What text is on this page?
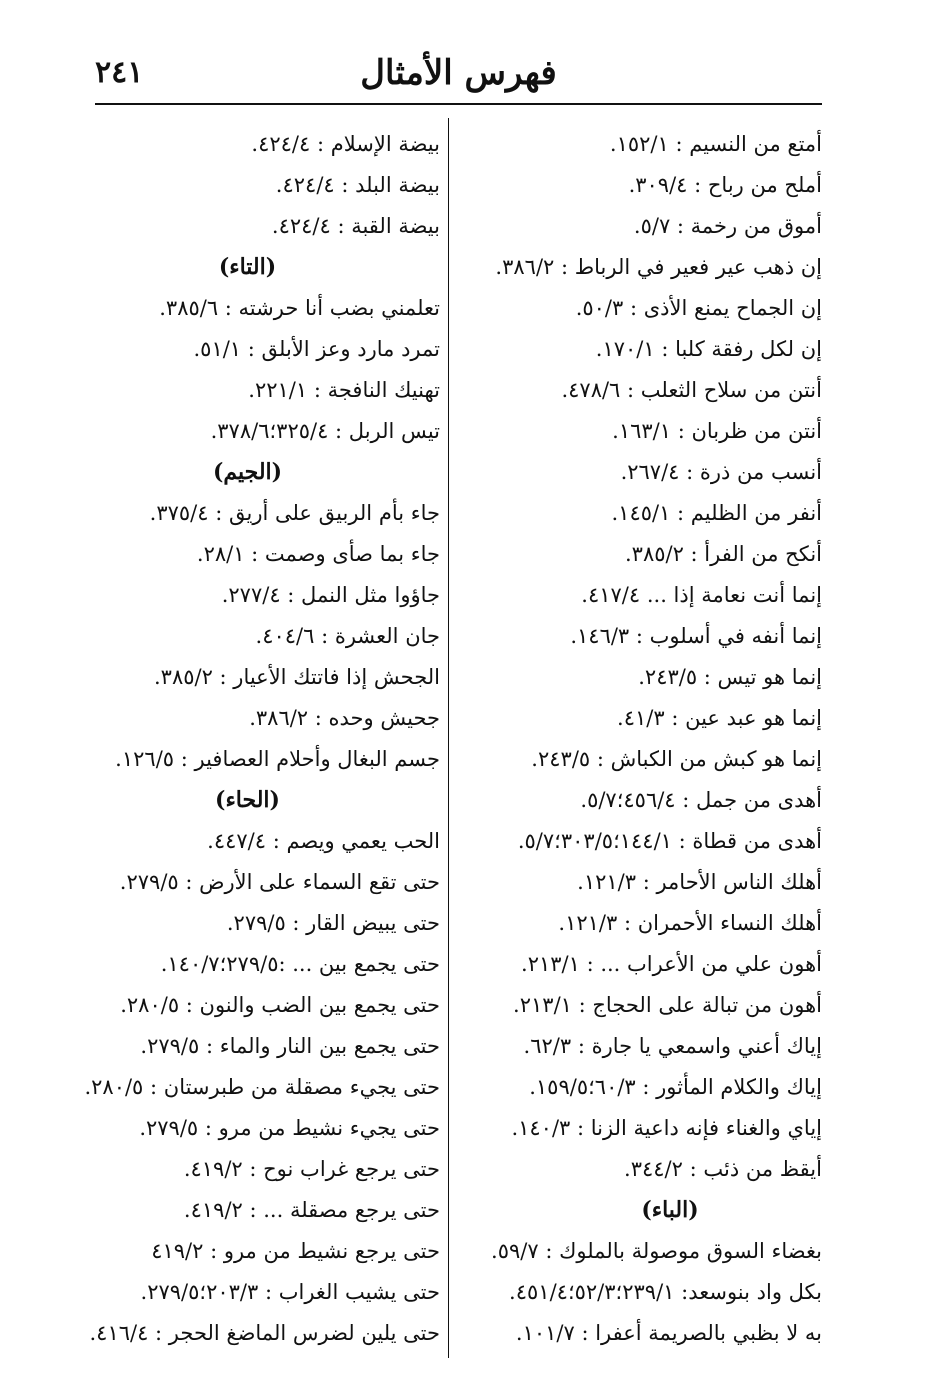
٢٤١	فهرس الأمثال
أمتع من النسيم : ١٥٢/١.
أملح من رباح : ٣٠٩/٤.
أموق من رخمة : ٥/٧.
إن ذهب عير فعير في الرباط : ٣٨٦/٢.
إن الجماح يمنع الأذى : ٥٠/٣.
إن لكل رفقة كلبا : ١٧٠/١.
أنتن من سلاح الثعلب : ٤٧٨/٦.
أنتن من ظربان : ١٦٣/١.
أنسب من ذرة : ٢٦٧/٤.
أنفر من الظليم : ١٤٥/١.
أنكح من الفرأ : ٣٨٥/٢.
إنما أنت نعامة إذا ... ٤١٧/٤.
إنما أنفه في أسلوب : ١٤٦/٣.
إنما هو تيس : ٢٤٣/٥.
إنما هو عبد عين : ٤١/٣.
إنما هو كبش من الكباش : ٢٤٣/٥.
أهدى من جمل : ٤٥٦/٤؛٥/٧.
أهدى من قطاة : ١٤٤/١؛٣٠٣/٥؛٥/٧.
أهلك الناس الأحامر : ١٢١/٣.
أهلك النساء الأحمران : ١٢١/٣.
أهون علي من الأعراب ... : ٢١٣/١.
أهون من تبالة على الحجاج : ٢١٣/١.
إياك أعني واسمعي يا جارة : ٦٢/٣.
إياك والكلام المأثور : ٦٠/٣؛١٥٩/٥.
إياي والغناء فإنه داعية الزنا : ١٤٠/٣.
أيقظ من ذئب : ٣٤٤/٢.
(الباء)
بغضاء السوق موصولة بالملوك : ٥٩/٧.
بكل واد بنوسعد: ٢٣٩/١؛٥٢/٣؛٤٥١/٤.
به لا بظبي بالصريمة أعفرا : ١٠١/٧.
بيضة الإسلام : ٤٢٤/٤.
بيضة البلد : ٤٢٤/٤.
بيضة القبة : ٤٢٤/٤.
(التاء)
تعلمني بضب أنا حرشته : ٣٨٥/٦.
تمرد مارد وعز الأبلق : ٥١/١.
تهنيك النافجة : ٢٢١/١.
تيس الربل : ٣٢٥/٤؛٣٧٨/٦.
(الجيم)
جاء بأم الربيق على أريق : ٣٧٥/٤.
جاء بما صأى وصمت : ٢٨/١.
جاؤوا مثل النمل : ٢٧٧/٤.
جان العشرة : ٤٠٤/٦.
الجحش إذا فاتتك الأعيار : ٣٨٥/٢.
جحيش وحده : ٣٨٦/٢.
جسم البغال وأحلام العصافير : ١٢٦/٥.
(الحاء)
الحب يعمي ويصم : ٤٤٧/٤.
حتى تقع السماء على الأرض : ٢٧٩/٥.
حتى يبيض القار : ٢٧٩/٥.
حتى يجمع بين ... :٢٧٩/٥؛١٤٠/٧.
حتى يجمع بين الضب والنون : ٢٨٠/٥.
حتى يجمع بين النار والماء : ٢٧٩/٥.
حتى يجيء مصقلة من طبرستان : ٢٨٠/٥.
حتى يجيء نشيط من مرو : ٢٧٩/٥.
حتى يرجع غراب نوح : ٤١٩/٢.
حتى يرجع مصقلة ... : ٤١٩/٢.
حتى يرجع نشيط من مرو : ٤١٩/٢
حتى يشيب الغراب : ٢٠٣/٣؛٢٧٩/٥.
حتى يلين لضرس الماضغ الحجر : ٤١٦/٤.
